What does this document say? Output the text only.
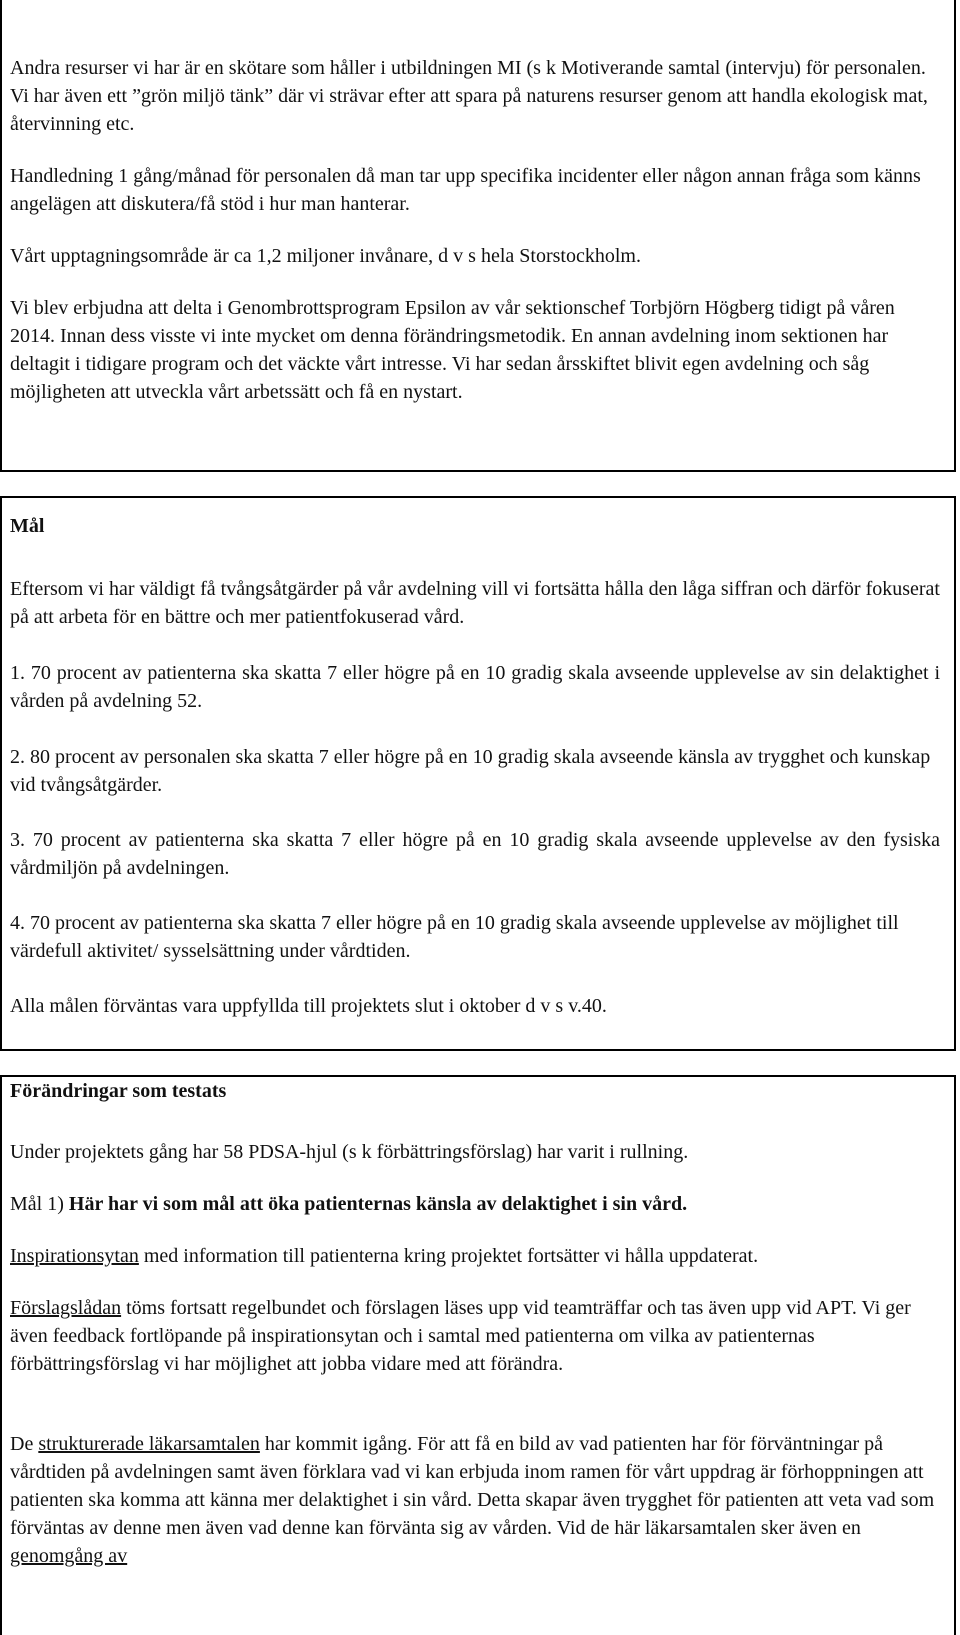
Andra resurser vi har är en skötare som håller i utbildningen MI (s k Motiverande samtal (intervju) för personalen. Vi har även ett ”grön miljö tänk” där vi strävar efter att spara på naturens resurser genom att handla ekologisk mat, återvinning etc.

Handledning 1 gång/månad för personalen då man tar upp specifika incidenter eller någon annan fråga som känns angelägen att diskutera/få stöd i hur man hanterar.

Vårt upptagningsområde är ca 1,2 miljoner invånare, d v s hela Storstockholm.

Vi blev erbjudna att delta i Genombrottsprogram Epsilon av vår sektionschef Torbjörn Högberg tidigt på våren 2014. Innan dess visste vi inte mycket om denna förändringsmetodik. En annan avdelning inom sektionen har deltagit i tidigare program och det väckte vårt intresse. Vi har sedan årsskiftet blivit egen avdelning och såg möjligheten att utveckla vårt arbetssätt och få en nystart.

Mål

Eftersom vi har väldigt få tvångsåtgärder på vår avdelning vill vi fortsätta hålla den låga siffran och därför fokuserat på att arbeta för en bättre och mer patientfokuserad vård.

1. 70 procent av patienterna ska skatta 7 eller högre på en 10 gradig skala avseende upplevelse av sin delaktighet i vården på avdelning 52.

2. 80 procent av personalen ska skatta 7 eller högre på en 10 gradig skala avseende känsla av trygghet och kunskap vid tvångsåtgärder.

3. 70 procent av patienterna ska skatta 7 eller högre på en 10 gradig skala avseende upplevelse av den fysiska vårdmiljön på avdelningen.

4. 70 procent av patienterna ska skatta 7 eller högre på en 10 gradig skala avseende upplevelse av möjlighet till värdefull aktivitet/ sysselsättning under vårdtiden.

Alla målen förväntas vara uppfyllda till projektets slut i oktober d v s v.40.

Förändringar som testats

Under projektets gång har 58 PDSA-hjul (s k förbättringsförslag) har varit i rullning.

Mål 1) Här har vi som mål att öka patienternas känsla av delaktighet i sin vård.

Inspirationsytan med information till patienterna kring projektet fortsätter vi hålla uppdaterat.

Förslagslådan töms fortsatt regelbundet och förslagen läses upp vid teamträffar och tas även upp vid APT. Vi ger även feedback fortlöpande på inspirationsytan och i samtal med patienterna om vilka av patienternas förbättringsförslag vi har möjlighet att jobba vidare med att förändra.

De strukturerade läkarsamtalen har kommit igång. För att få en bild av vad patienten har för förväntningar på vårdtiden på avdelningen samt även förklara vad vi kan erbjuda inom ramen för vårt uppdrag är förhoppningen att patienten ska komma att känna mer delaktighet i sin vård. Detta skapar även trygghet för patienten att veta vad som förväntas av denne men även vad denne kan förvänta sig av vården. Vid de här läkarsamtalen sker även en genomgång av
